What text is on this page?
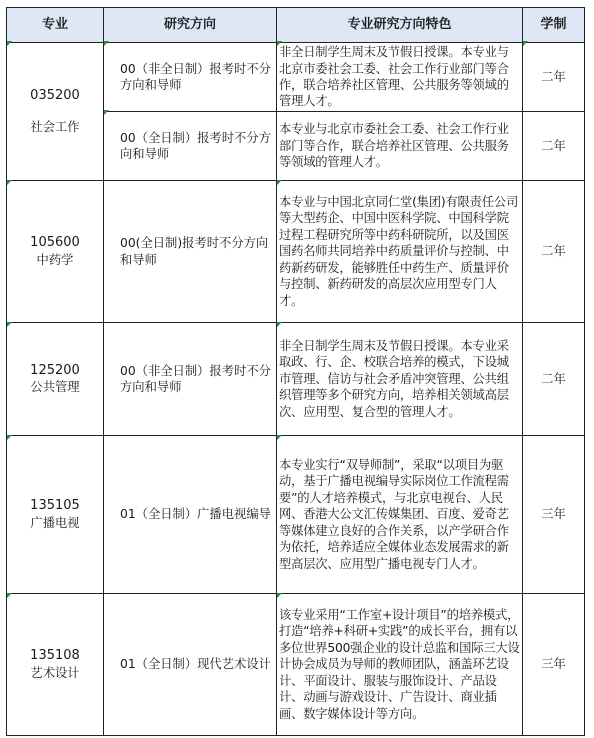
专业	研究方向	专业研究方向特色	学制

035200
社会工作	00（非全日制）报考时不分方向和导师	非全日制学生周末及节假日授课。本专业与北京市委社会工委、社会工作行业部门等合作，联合培养社区管理、公共服务等领域的管理人才。	二年
	00（全日制）报考时不分方向和导师	本专业与北京市委社会工委、社会工作行业部门等合作，联合培养社区管理、公共服务等领域的管理人才。	二年

105600
中药学	00(全日制)报考时不分方向和导师	本专业与中国北京同仁堂(集团)有限责任公司等大型药企、中国中医科学院、中国科学院过程工程研究所等中药科研院所，以及国医国药名师共同培养中药质量评价与控制、中药新药研发，能够胜任中药生产、质量评价与控制、新药研发的高层次应用型专门人才。	二年

125200
公共管理	00（非全日制）报考时不分方向和导师	非全日制学生周末及节假日授课。本专业采取政、行、企、校联合培养的模式，下设城市管理、信访与社会矛盾冲突管理、公共组织管理等多个研究方向，培养相关领域高层次、应用型、复合型的管理人才。	二年

135105
广播电视	01（全日制）广播电视编导	本专业实行“双导师制”，采取“以项目为驱动，基于广播电视编导实际岗位工作流程需要”的人才培养模式，与北京电视台、人民网、香港大公文汇传媒集团、百度、爱奇艺等媒体建立良好的合作关系，以产学研合作为依托，培养适应全媒体业态发展需求的新型高层次、应用型广播电视专门人才。	三年

135108
艺术设计	01（全日制）现代艺术设计	该专业采用“工作室+设计项目”的培养模式，打造“培养+科研+实践”的成长平台，拥有以多位世界500强企业的设计总监和国际三大设计协会成员为导师的教师团队，涵盖环艺设计、平面设计、服装与服饰设计、产品设计、动画与游戏设计、广告设计、商业插画、数字媒体设计等方向。	三年
